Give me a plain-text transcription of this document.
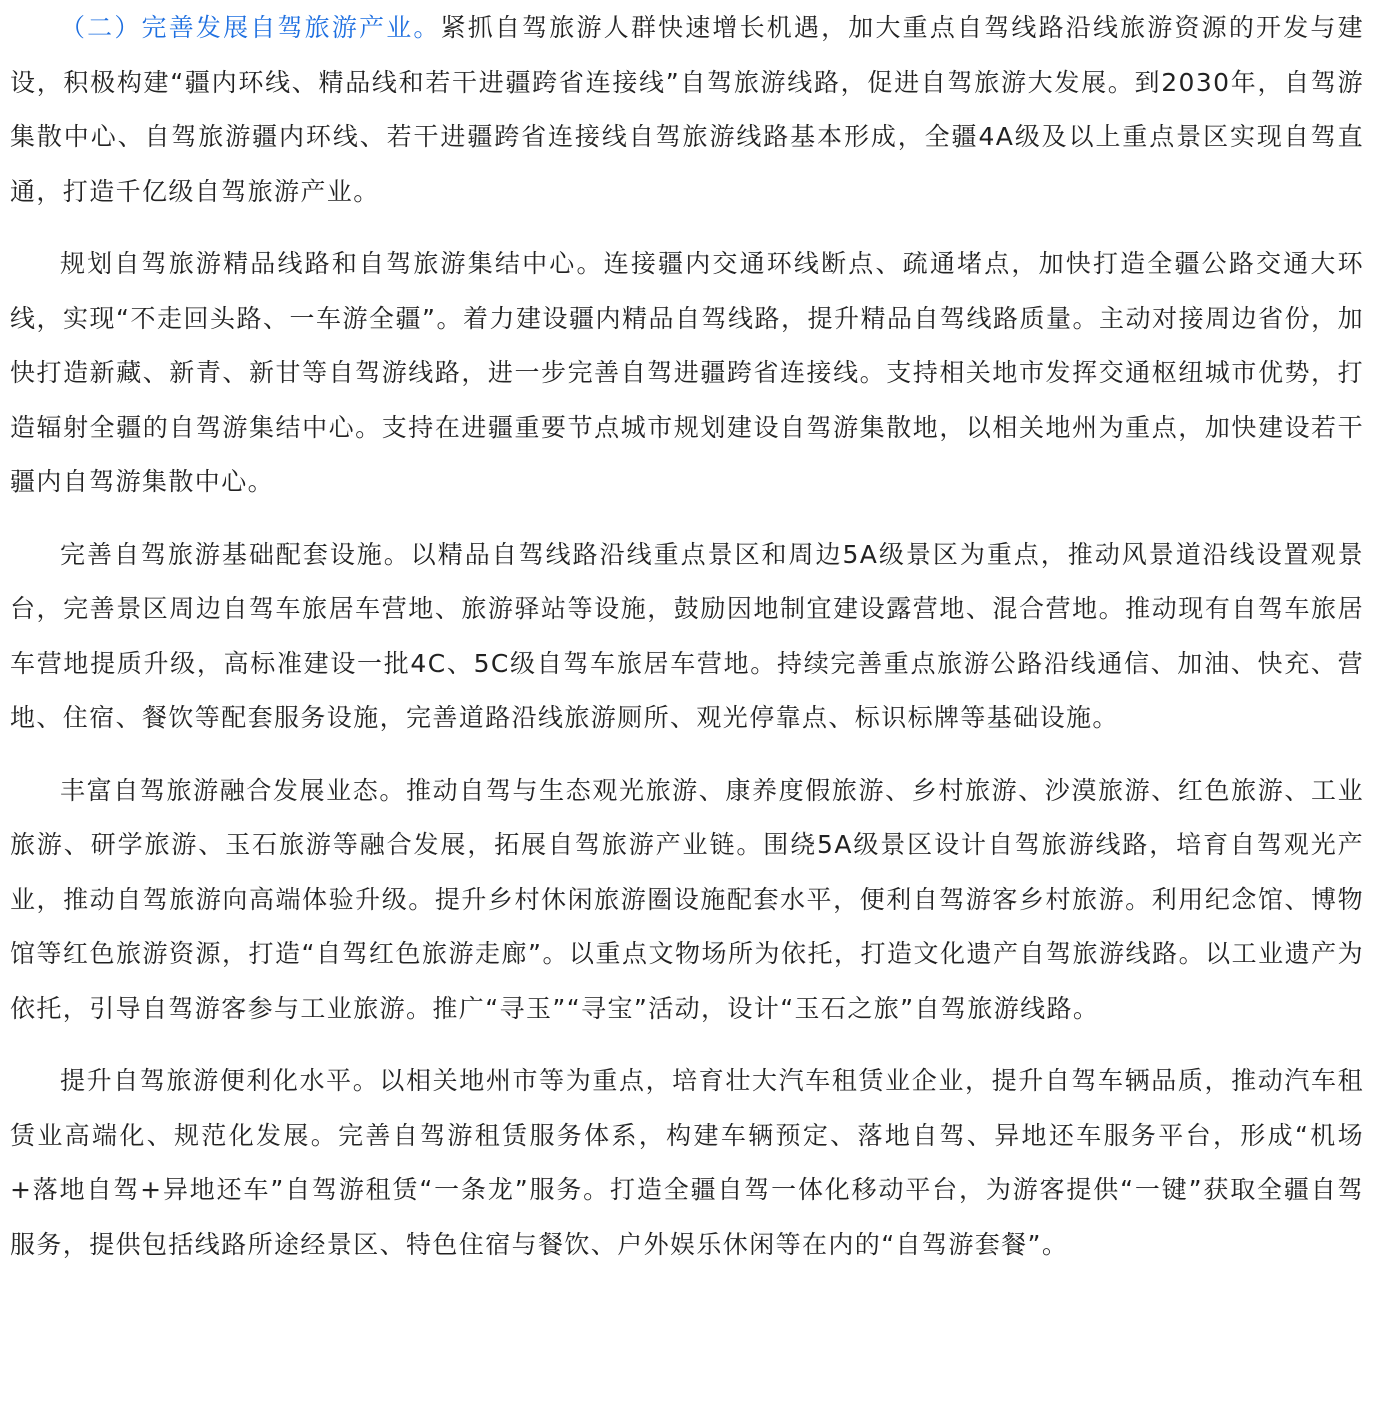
（二）完善发展自驾旅游产业。紧抓自驾旅游人群快速增长机遇，加大重点自驾线路沿线旅游资源的开发与建设，积极构建“疆内环线、精品线和若干进疆跨省连接线”自驾旅游线路，促进自驾旅游大发展。到2030年，自驾游集散中心、自驾旅游疆内环线、若干进疆跨省连接线自驾旅游线路基本形成，全疆4A级及以上重点景区实现自驾直通，打造千亿级自驾旅游产业。

规划自驾旅游精品线路和自驾旅游集结中心。连接疆内交通环线断点、疏通堵点，加快打造全疆公路交通大环线，实现“不走回头路、一车游全疆”。着力建设疆内精品自驾线路，提升精品自驾线路质量。主动对接周边省份，加快打造新藏、新青、新甘等自驾游线路，进一步完善自驾进疆跨省连接线。支持相关地市发挥交通枢纽城市优势，打造辐射全疆的自驾游集结中心。支持在进疆重要节点城市规划建设自驾游集散地，以相关地州为重点，加快建设若干疆内自驾游集散中心。

完善自驾旅游基础配套设施。以精品自驾线路沿线重点景区和周边5A级景区为重点，推动风景道沿线设置观景台，完善景区周边自驾车旅居车营地、旅游驿站等设施，鼓励因地制宜建设露营地、混合营地。推动现有自驾车旅居车营地提质升级，高标准建设一批4C、5C级自驾车旅居车营地。持续完善重点旅游公路沿线通信、加油、快充、营地、住宿、餐饮等配套服务设施，完善道路沿线旅游厕所、观光停靠点、标识标牌等基础设施。

丰富自驾旅游融合发展业态。推动自驾与生态观光旅游、康养度假旅游、乡村旅游、沙漠旅游、红色旅游、工业旅游、研学旅游、玉石旅游等融合发展，拓展自驾旅游产业链。围绕5A级景区设计自驾旅游线路，培育自驾观光产业，推动自驾旅游向高端体验升级。提升乡村休闲旅游圈设施配套水平，便利自驾游客乡村旅游。利用纪念馆、博物馆等红色旅游资源，打造“自驾红色旅游走廊”。以重点文物场所为依托，打造文化遗产自驾旅游线路。以工业遗产为依托，引导自驾游客参与工业旅游。推广“寻玉”“寻宝”活动，设计“玉石之旅”自驾旅游线路。

提升自驾旅游便利化水平。以相关地州市等为重点，培育壮大汽车租赁业企业，提升自驾车辆品质，推动汽车租赁业高端化、规范化发展。完善自驾游租赁服务体系，构建车辆预定、落地自驾、异地还车服务平台，形成“机场+落地自驾+异地还车”自驾游租赁“一条龙”服务。打造全疆自驾一体化移动平台，为游客提供“一键”获取全疆自驾服务，提供包括线路所途经景区、特色住宿与餐饮、户外娱乐休闲等在内的“自驾游套餐”。
